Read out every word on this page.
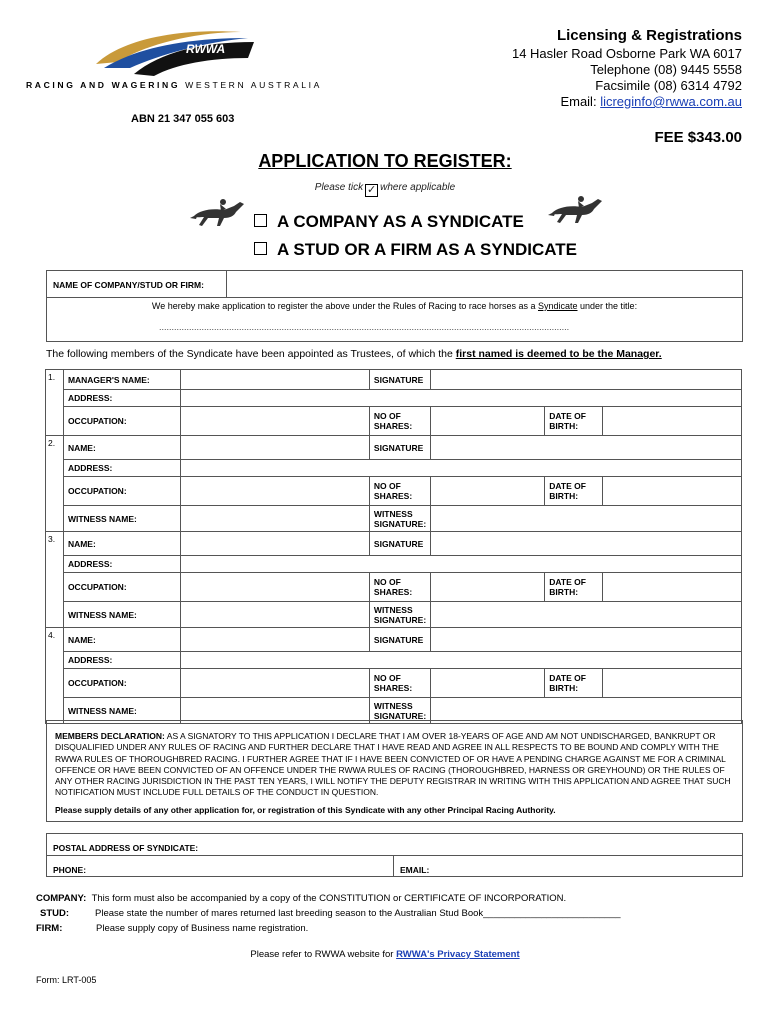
RWWA
RACING AND WAGERING WESTERN AUSTRALIA
Licensing & Registrations
14 Hasler Road Osborne Park WA 6017
Telephone (08) 9445 5558
Facsimile (08) 6314 4792
Email: licreginfo@rwwa.com.au
ABN 21 347 055 603
FEE $343.00
APPLICATION TO REGISTER:
Please tick ✓ where applicable
A COMPANY AS A SYNDICATE
A STUD OR A FIRM AS A SYNDICATE
NAME OF COMPANY/STUD OR FIRM:
We hereby make application to register the above under the Rules of Racing to race horses as a Syndicate under the title:
....................................................................................................................................................................
The following members of the Syndicate have been appointed as Trustees, of which the first named is deemed to be the Manager.
1.	MANAGER'S NAME:		SIGNATURE			
	ADDRESS:					
	OCCUPATION:		NO OF SHARES:		DATE OF BIRTH:	
2.	NAME:		SIGNATURE			
	ADDRESS:					
	OCCUPATION:		NO OF SHARES:		DATE OF BIRTH:	
	WITNESS NAME:		WITNESS SIGNATURE:			
3.	NAME:		SIGNATURE			
	ADDRESS:					
	OCCUPATION:		NO OF SHARES:		DATE OF BIRTH:	
	WITNESS NAME:		WITNESS SIGNATURE:			
4.	NAME:		SIGNATURE			
	ADDRESS:					
	OCCUPATION:		NO OF SHARES:		DATE OF BIRTH:	
	WITNESS NAME:		WITNESS SIGNATURE:			

MEMBERS DECLARATION: AS A SIGNATORY TO THIS APPLICATION I DECLARE THAT I AM OVER 18-YEARS OF AGE AND AM NOT UNDISCHARGED, BANKRUPT OR DISQUALIFIED UNDER ANY RULES OF RACING AND FURTHER DECLARE THAT I HAVE READ AND AGREE IN ALL RESPECTS TO BE BOUND AND COMPLY WITH THE RWWA RULES OF THOROUGHBRED RACING. I FURTHER AGREE THAT IF I HAVE BEEN CONVICTED OF OR HAVE A PENDING CHARGE AGAINST ME FOR A CRIMINAL OFFENCE OR HAVE BEEN CONVICTED OF AN OFFENCE UNDER THE RWWA RULES OF RACING (THOROUGHBRED, HARNESS OR GREYHOUND) OR THE RULES OF ANY OTHER RACING JURISDICTION IN THE PAST TEN YEARS, I WILL NOTIFY THE DEPUTY REGISTRAR IN WRITING WITH THIS APPLICATION AND AGREE THAT SUCH NOTIFICATION MUST INCLUDE FULL DETAILS OF THE CONDUCT IN QUESTION.

Please supply details of any other application for, or registration of this Syndicate with any other Principal Racing Authority.

POSTAL ADDRESS OF SYNDICATE:
PHONE:	EMAIL:
COMPANY: This form must also be accompanied by a copy of the CONSTITUTION or CERTIFICATE OF INCORPORATION.
STUD:	Please state the number of mares returned last breeding season to the Australian Stud Book__________________________
FIRM:	Please supply copy of Business name registration.
Please refer to RWWA website for RWWA's Privacy Statement
Form: LRT-005
